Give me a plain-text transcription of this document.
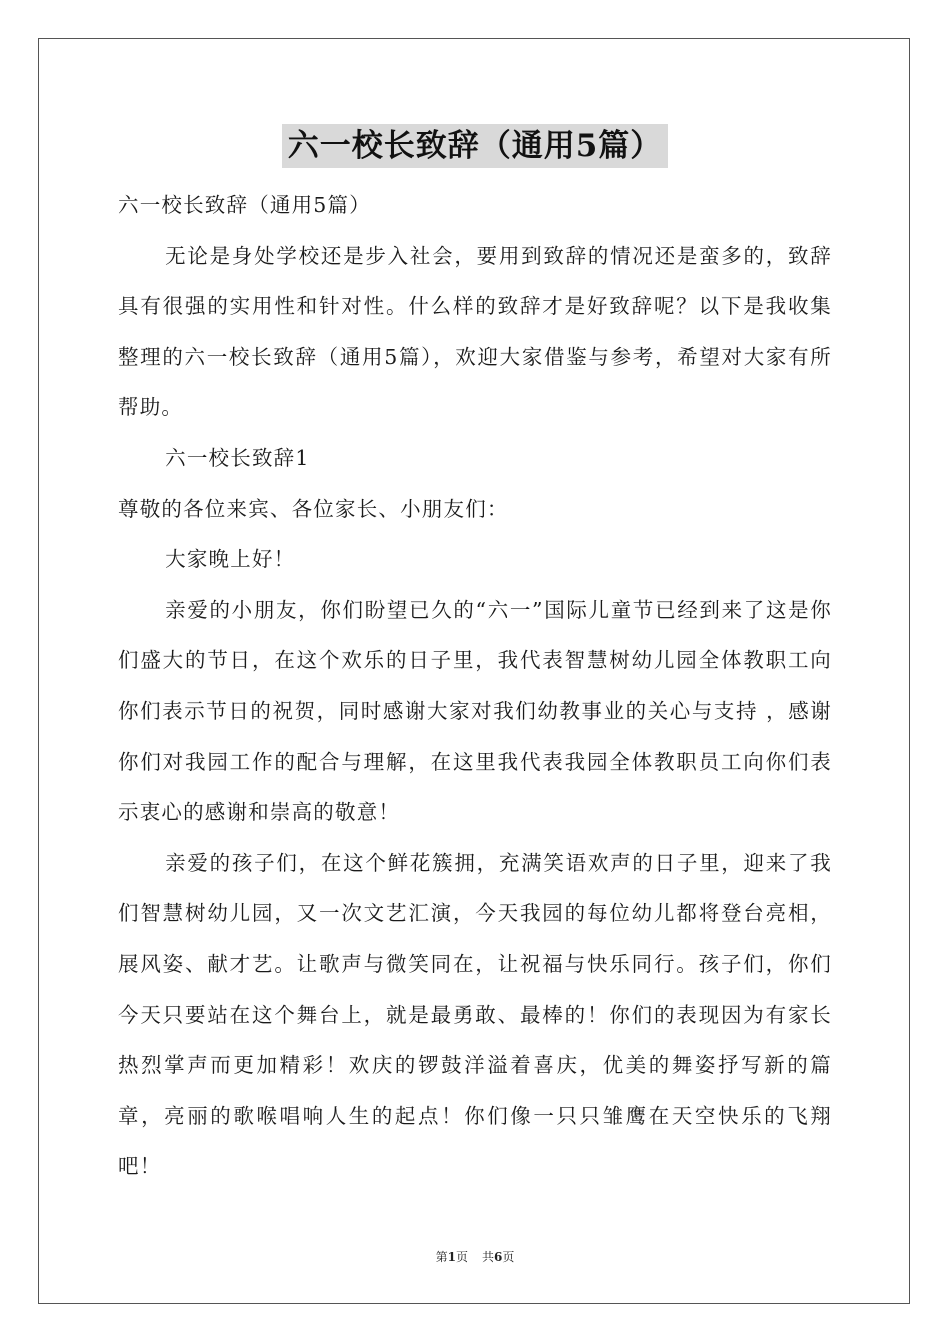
六一校长致辞（通用5篇）

六一校长致辞（通用5篇）

无论是身处学校还是步入社会，要用到致辞的情况还是蛮多的，致辞具有很强的实用性和针对性。什么样的致辞才是好致辞呢？以下是我收集整理的六一校长致辞（通用5篇），欢迎大家借鉴与参考，希望对大家有所帮助。

六一校长致辞1

尊敬的各位来宾、各位家长、小朋友们：

大家晚上好！

亲爱的小朋友，你们盼望已久的“六一”国际儿童节已经到来了这是你们盛大的节日，在这个欢乐的日子里，我代表智慧树幼儿园全体教职工向你们表示节日的祝贺，同时感谢大家对我们幼教事业的关心与支持 ，感谢你们对我园工作的配合与理解，在这里我代表我园全体教职员工向你们表示衷心的感谢和崇高的敬意！

亲爱的孩子们，在这个鲜花簇拥，充满笑语欢声的日子里，迎来了我们智慧树幼儿园，又一次文艺汇演，今天我园的每位幼儿都将登台亮相，展风姿、献才艺。让歌声与微笑同在，让祝福与快乐同行。孩子们，你们今天只要站在这个舞台上，就是最勇敢、最棒的！你们的表现因为有家长热烈掌声而更加精彩！欢庆的锣鼓洋溢着喜庆，优美的舞姿抒写新的篇章，亮丽的歌喉唱响人生的起点！你们像一只只雏鹰在天空快乐的飞翔吧！

第1页 共6页
